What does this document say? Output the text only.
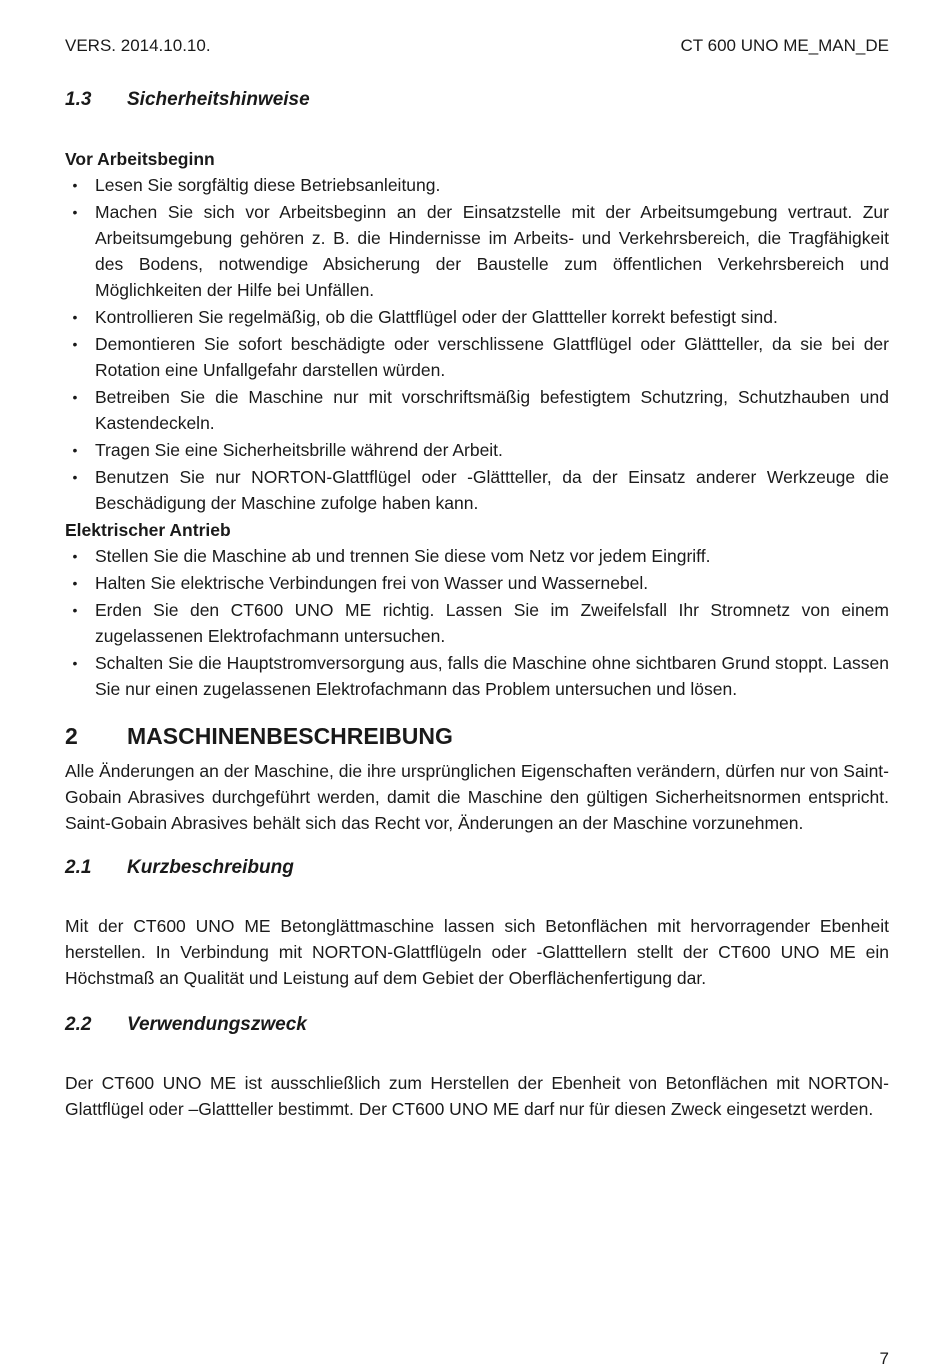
VERS. 2014.10.10.	CT 600 UNO ME_MAN_DE
1.3	Sicherheitshinweise

Vor Arbeitsbeginn

• Lesen Sie sorgfältig diese Betriebsanleitung.
• Machen Sie sich vor Arbeitsbeginn an der Einsatzstelle mit der Arbeitsumgebung vertraut. Zur Arbeitsumgebung gehören z. B. die Hindernisse im Arbeits- und Verkehrsbereich, die Tragfähigkeit des Bodens, notwendige Absicherung der Baustelle zum öffentlichen Verkehrsbereich und Möglichkeiten der Hilfe bei Unfällen.
• Kontrollieren Sie regelmäßig, ob die Glattflügel oder der Glattteller korrekt befestigt sind.
• Demontieren Sie sofort beschädigte oder verschlissene Glattflügel oder Glättteller, da sie bei der Rotation eine Unfallgefahr darstellen würden.
• Betreiben Sie die Maschine nur mit vorschriftsmäßig befestigtem Schutzring, Schutzhauben und Kastendeckeln.
• Tragen Sie eine Sicherheitsbrille während der Arbeit.
• Benutzen Sie nur NORTON-Glattflügel oder -Glättteller, da der Einsatz anderer Werkzeuge die Beschädigung der Maschine zufolge haben kann.

Elektrischer Antrieb

• Stellen Sie die Maschine ab und trennen Sie diese vom Netz vor jedem Eingriff.
• Halten Sie elektrische Verbindungen frei von Wasser und Wassernebel.
• Erden Sie den CT600 UNO ME richtig. Lassen Sie im Zweifelsfall Ihr Stromnetz von einem zugelassenen Elektrofachmann untersuchen.
• Schalten Sie die Hauptstromversorgung aus, falls die Maschine ohne sichtbaren Grund stoppt. Lassen Sie nur einen zugelassenen Elektrofachmann das Problem untersuchen und lösen.
2	MASCHINENBESCHREIBUNG

Alle Änderungen an der Maschine, die ihre ursprünglichen Eigenschaften verändern, dürfen nur von Saint-Gobain Abrasives durchgeführt werden, damit die Maschine den gültigen Sicherheitsnormen entspricht. Saint-Gobain Abrasives behält sich das Recht vor, Änderungen an der Maschine vorzunehmen.

2.1	Kurzbeschreibung

Mit der CT600 UNO ME Betonglättmaschine lassen sich Betonflächen mit hervorragender Ebenheit herstellen. In Verbindung mit NORTON-Glattflügeln oder -Glatttellern stellt der CT600 UNO ME ein Höchstmaß an Qualität und Leistung auf dem Gebiet der Oberflächenfertigung dar.

2.2	Verwendungszweck

Der CT600 UNO ME ist ausschließlich zum Herstellen der Ebenheit von Betonflächen mit NORTON-Glattflügel oder –Glattteller bestimmt. Der CT600 UNO ME darf nur für diesen Zweck eingesetzt werden.

7
